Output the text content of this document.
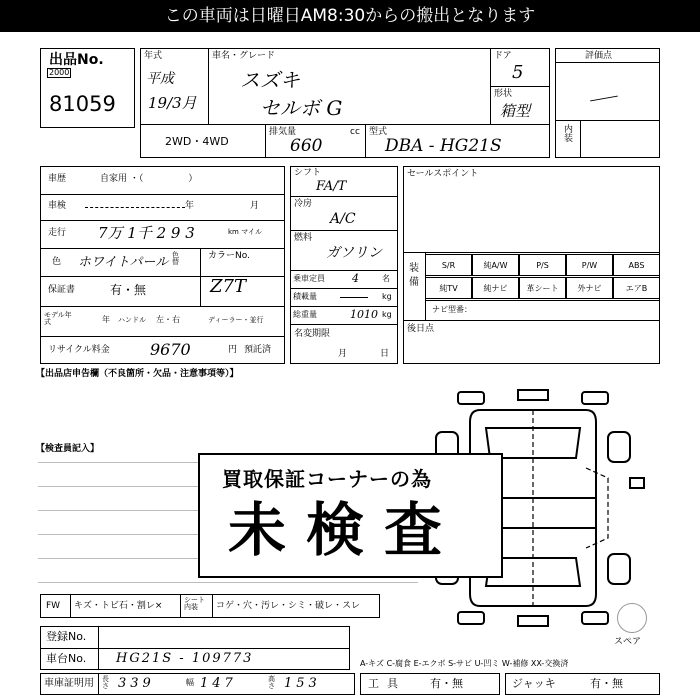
この車両は日曜日AM8:30からの搬出となります
出品No.
2000
81059
年式
平成
19/3月
車名・グレード
スズキ
セルボ G
ドア
5
形状
箱型
2WD・4WD
排気量	cc
660
型式
DBA - HG21S
評価点
内装
車歴	自家用 ・（　　　　　）
車検	年	月
走行 7万 1千 2 9 3	km マイル
色 ホワイトパール 色替
カラーNo.
Z7T
保証書	有・無
モデル年式	年 ハンドル 左・右	ディーラー・並行
リサイクル料金	9670	円 預託済
シフト
FA/T
冷房
A/C
燃料
ガソリン
乗車定員 4	名
積載量	kg
総重量	1010 kg
名変期限
月	日
セールスポイント
装備
S/R	純A/W	P/S	P/W	ABS
純TV	純ナビ	革シート	外ナビ	エアB
ナビ型番：
後日点
【出品店申告欄（不良箇所・欠品・注意事項等）】
【検査員記入】
買取保証コーナーの為
未検査
FW キズ・トビ石・割レ×
シート内装	コゲ・穴・汚レ・シミ・破レ・スレ
スペア
登録No.
車台No. HG21S - 109773	A-キズ C-腐食 E-エクボ S-サビ U-凹ミ W-補修 XX-交換済
車庫証明用 長さ 339	幅 147	高さ 153	工具 有・無	ジャッキ	有・無
